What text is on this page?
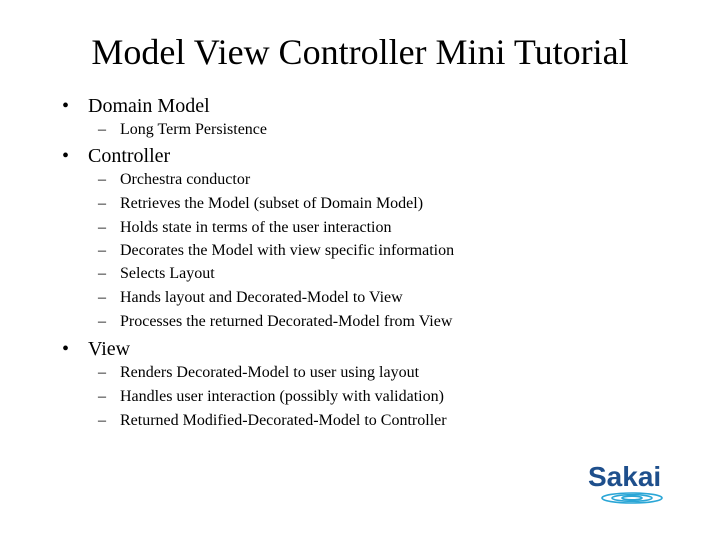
Model View Controller Mini Tutorial
• Domain Model
– Long Term Persistence
• Controller
– Orchestra conductor
– Retrieves the Model (subset of Domain Model)
– Holds state in terms of the user interaction
– Decorates the Model with view specific information
– Selects Layout
– Hands layout and Decorated-Model to View
– Processes the returned Decorated-Model from View
• View
– Renders Decorated-Model to user using layout
– Handles user interaction (possibly with validation)
– Returned Modified-Decorated-Model to Controller
Sakai
